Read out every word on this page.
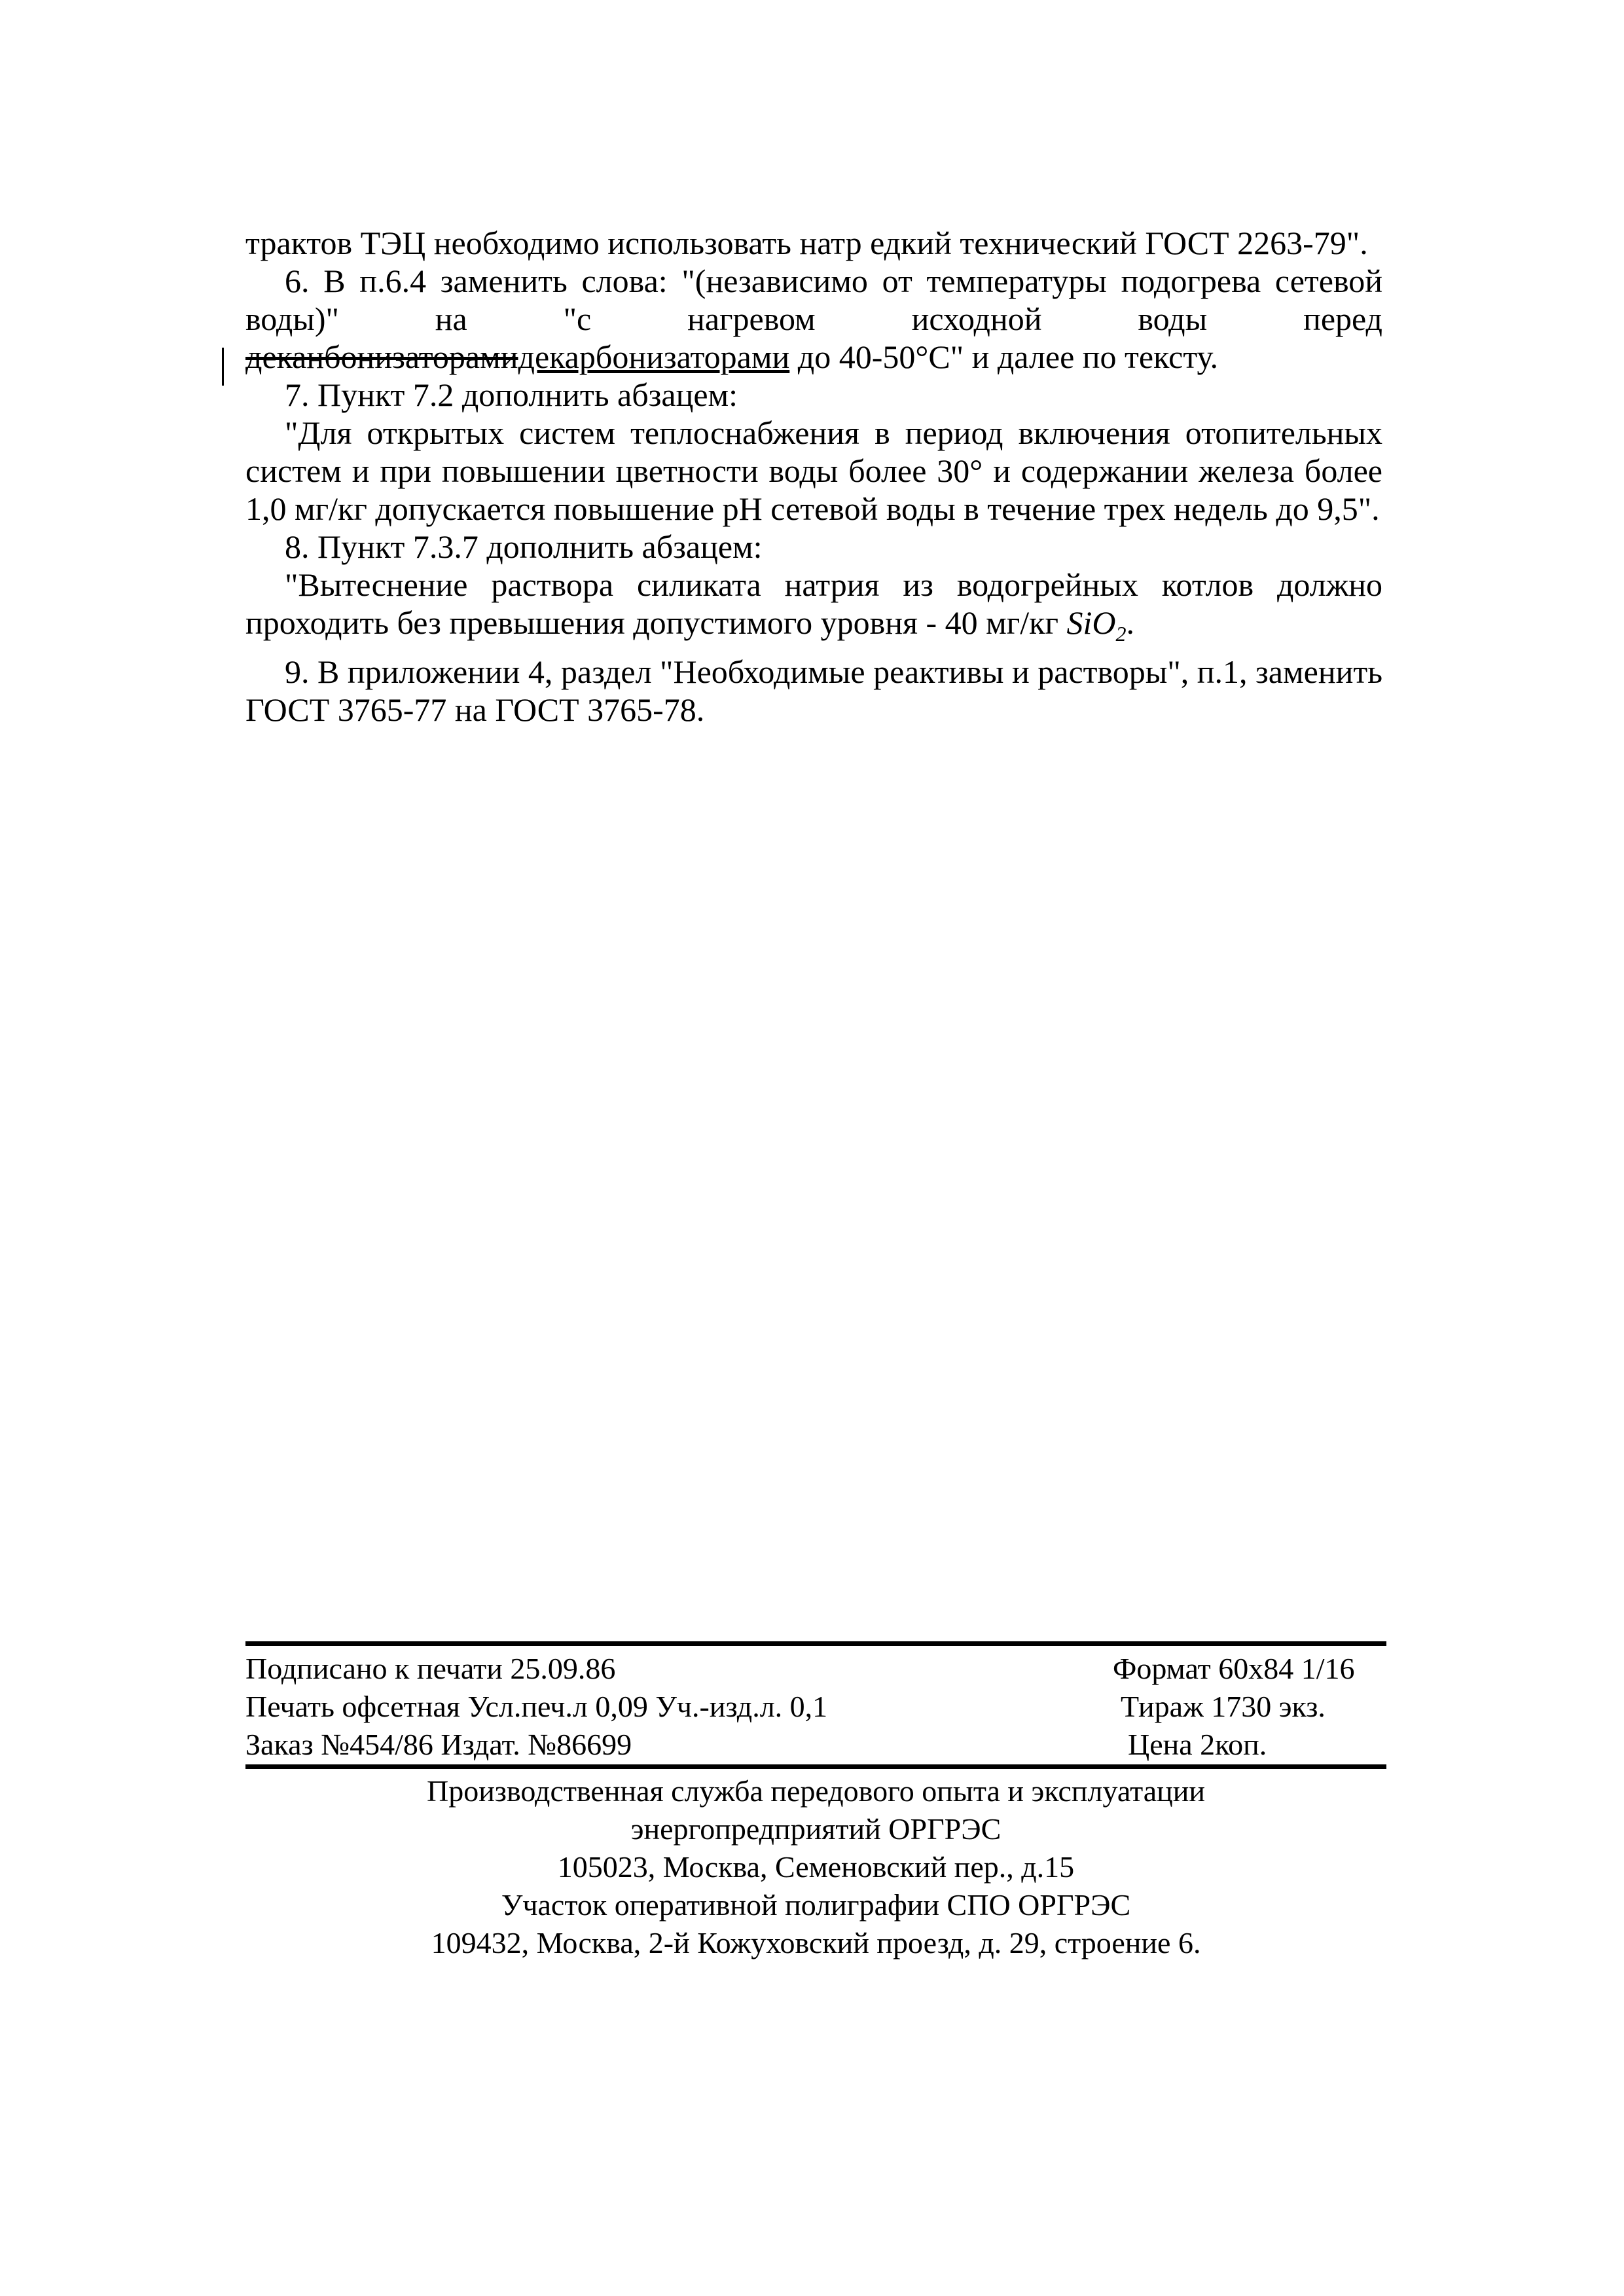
трактов ТЭЦ необходимо использовать натр едкий технический ГОСТ 2263-79".

6. В п.6.4 заменить слова: "(независимо от температуры подогрева сетевой

воды)" на "с нагревом исходной воды перед

деканбонизаторамидекарбонизаторами до 40-50°С" и далее по тексту.

7. Пункт 7.2 дополнить абзацем:

"Для открытых систем теплоснабжения в период включения отопительных систем и при повышении цветности воды более 30° и содержании железа более 1,0 мг/кг допускается повышение рН сетевой воды в течение трех недель до 9,5".

8. Пункт 7.3.7 дополнить абзацем:

"Вытеснение раствора силиката натрия из водогрейных котлов должно проходить без превышения допустимого уровня - 40 мг/кг SiO$_2$.

9. В приложении 4, раздел "Необходимые реактивы и растворы", п.1, заменить ГОСТ 3765-77 на ГОСТ 3765-78.

Подписано к печати 25.09.86	Формат 60x84 1/16
Печать офсетная Усл.печ.л 0,09 Уч.-изд.л. 0,1	Тираж 1730 экз.
Заказ №454/86 Издат. №86699	Цена 2коп.
Производственная служба передового опыта и эксплуатации
энергопредприятий ОРГРЭС
105023, Москва, Семеновский пер., д.15
Участок оперативной полиграфии СПО ОРГРЭС
109432, Москва, 2-й Кожуховский проезд, д. 29, строение 6.
